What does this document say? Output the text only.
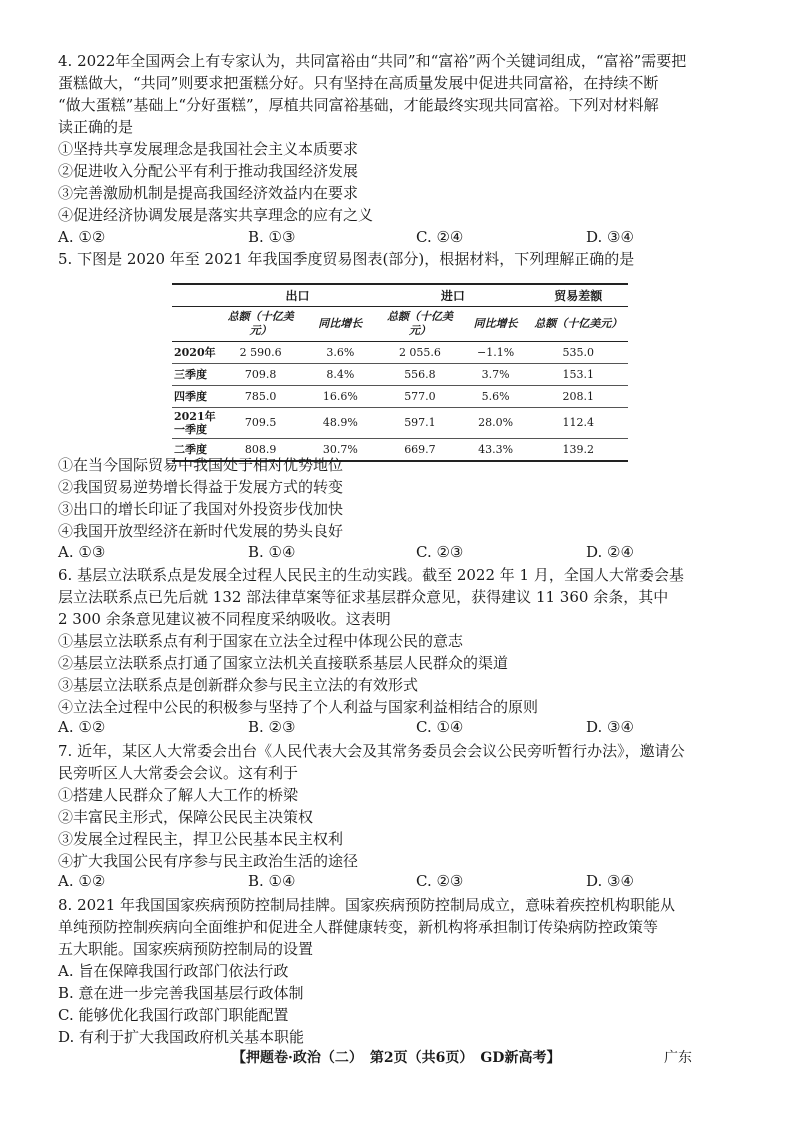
4. 2022年全国两会上有专家认为，共同富裕由“共同”和“富裕”两个关键词组成，“富裕”需要把
蛋糕做大，“共同”则要求把蛋糕分好。只有坚持在高质量发展中促进共同富裕，在持续不断
“做大蛋糕”基础上“分好蛋糕”，厚植共同富裕基础，才能最终实现共同富裕。下列对材料解
读正确的是
①坚持共享发展理念是我国社会主义本质要求
②促进收入分配公平有利于推动我国经济发展
③完善激励机制是提高我国经济效益内在要求
④促进经济协调发展是落实共享理念的应有之义
A. ①②	B. ①③	C. ②④	D. ③④
5. 下图是 2020 年至 2021 年我国季度贸易图表(部分)，根据材料，下列理解正确的是
	出口		进口		贸易差额
	总额（十亿美元）	同比增长	总额（十亿美元）	同比增长	总额（十亿美元）
2020年	2 590.6	3.6%	2 055.6	−1.1%	535.0
三季度	709.8	8.4%	556.8	3.7%	153.1
四季度	785.0	16.6%	577.0	5.6%	208.1
2021年一季度	709.5	48.9%	597.1	28.0%	112.4
二季度	808.9	30.7%	669.7	43.3%	139.2
①在当今国际贸易中我国处于相对优势地位
②我国贸易逆势增长得益于发展方式的转变
③出口的增长印证了我国对外投资步伐加快
④我国开放型经济在新时代发展的势头良好
A. ①③	B. ①④	C. ②③	D. ②④
6. 基层立法联系点是发展全过程人民民主的生动实践。截至 2022 年 1 月，全国人大常委会基
层立法联系点已先后就 132 部法律草案等征求基层群众意见，获得建议 11 360 余条，其中
2 300 余条意见建议被不同程度采纳吸收。这表明
①基层立法联系点有利于国家在立法全过程中体现公民的意志
②基层立法联系点打通了国家立法机关直接联系基层人民群众的渠道
③基层立法联系点是创新群众参与民主立法的有效形式
④立法全过程中公民的积极参与坚持了个人利益与国家利益相结合的原则
A. ①②	B. ②③	C. ①④	D. ③④
7. 近年，某区人大常委会出台《人民代表大会及其常务委员会会议公民旁听暂行办法》，邀请公
民旁听区人大常委会会议。这有利于
①搭建人民群众了解人大工作的桥梁
②丰富民主形式，保障公民民主决策权
③发展全过程民主，捍卫公民基本民主权利
④扩大我国公民有序参与民主政治生活的途径
A. ①②	B. ①④	C. ②③	D. ③④
8. 2021 年我国国家疾病预防控制局挂牌。国家疾病预防控制局成立，意味着疾控机构职能从
单纯预防控制疾病向全面维护和促进全人群健康转变，新机构将承担制订传染病防控政策等
五大职能。国家疾病预防控制局的设置
A. 旨在保障我国行政部门依法行政
B. 意在进一步完善我国基层行政体制
C. 能够优化我国行政部门职能配置
D. 有利于扩大我国政府机关基本职能
【押题卷·政治（二）　第2页（共6页）　GD新高考】	广东
